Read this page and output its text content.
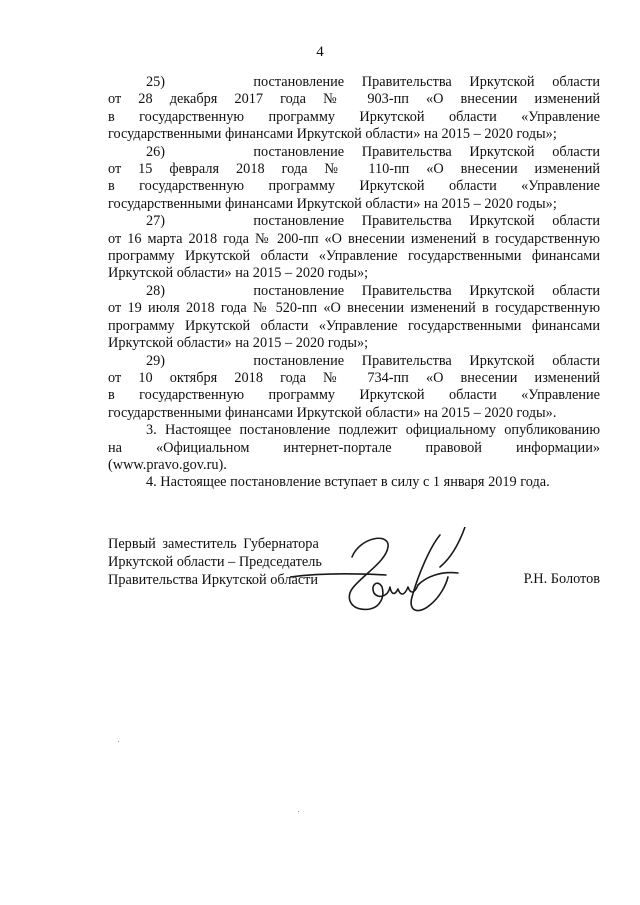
4
25)     постановление Правительства Иркутской области
от 28 декабря 2017 года № 903-пп «О внесении изменений
в государственную программу Иркутской области «Управление
государственными финансами Иркутской области» на 2015 – 2020 годы»;
26)     постановление Правительства Иркутской области
от 15 февраля 2018 года № 110-пп «О внесении изменений
в государственную программу Иркутской области «Управление
государственными финансами Иркутской области» на 2015 – 2020 годы»;
27)     постановление Правительства Иркутской области
от 16 марта 2018 года № 200-пп «О внесении изменений в государственную
программу Иркутской области «Управление государственными финансами
Иркутской области» на 2015 – 2020 годы»;
28)     постановление Правительства Иркутской области
от 19 июля 2018 года № 520-пп «О внесении изменений в государственную
программу Иркутской области «Управление государственными финансами
Иркутской области» на 2015 – 2020 годы»;
29)     постановление Правительства Иркутской области
от 10 октября 2018 года № 734-пп «О внесении изменений
в государственную программу Иркутской области «Управление
государственными финансами Иркутской области» на 2015 – 2020 годы».
3. Настоящее постановление подлежит официальному опубликованию
на «Официальном интернет-портале правовой информации»
(www.pravo.gov.ru).
4. Настоящее постановление вступает в силу с 1 января 2019 года.
Первый заместитель Губернатора
Иркутской области – Председатель
Правительства Иркутской области	Р.Н. Болотов
